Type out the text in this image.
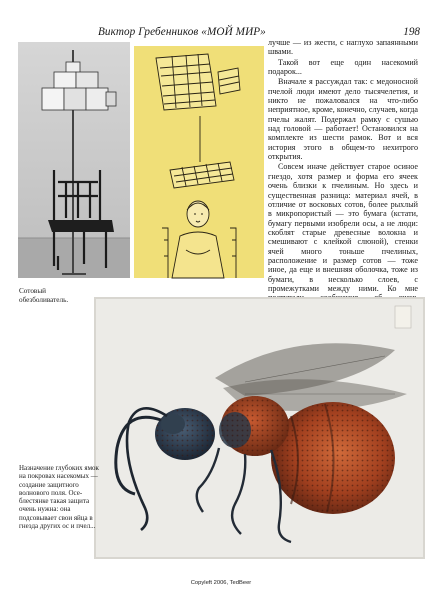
Виктор Гребенников «МОЙ МИР»	198
Сотовый обезболиватель.

лучше — из жести, с наглухо запаянными швами.

Такой вот еще один насекомий подарок...

Вначале я рассуждал так: с медоносной пчелой люди имеют дело тысячелетия, и никто не пожаловался на что-либо неприятное, кроме, конечно, случаев, когда пчелы жалят. Подержал рамку с сушью над головой — работает! Остановился на комплекте из шести рамок. Вот и вся история этого в общем-то нехитрого открытия.

Совсем иначе действует старое осиное гнездо, хотя размер и форма его ячеек очень близки к пчелиным. Но здесь и существенная разница: материал ячей, в отличие от восковых сотов, более рыхлый в микропористый — это бумага (кстати, бумагу первыми изобрели осы, а не люди: скоблят старые древесные волокна и смешивают с клейкой слюной), стенки ячей много тоньше пчелиных, расположение и размер сотов — тоже иное, да еще и внешняя оболочка, тоже из бумаги, в несколько слоев, с промежутками между ними. Ко мне

Назначение глубоких ямок на покровах насекомых — создание защитного волнового поля. Осе-блестянке такая защита очень нужна: она подсовывает свои яйца в гнезда других ос и пчел...
Copyleft 2006, TedBeer
